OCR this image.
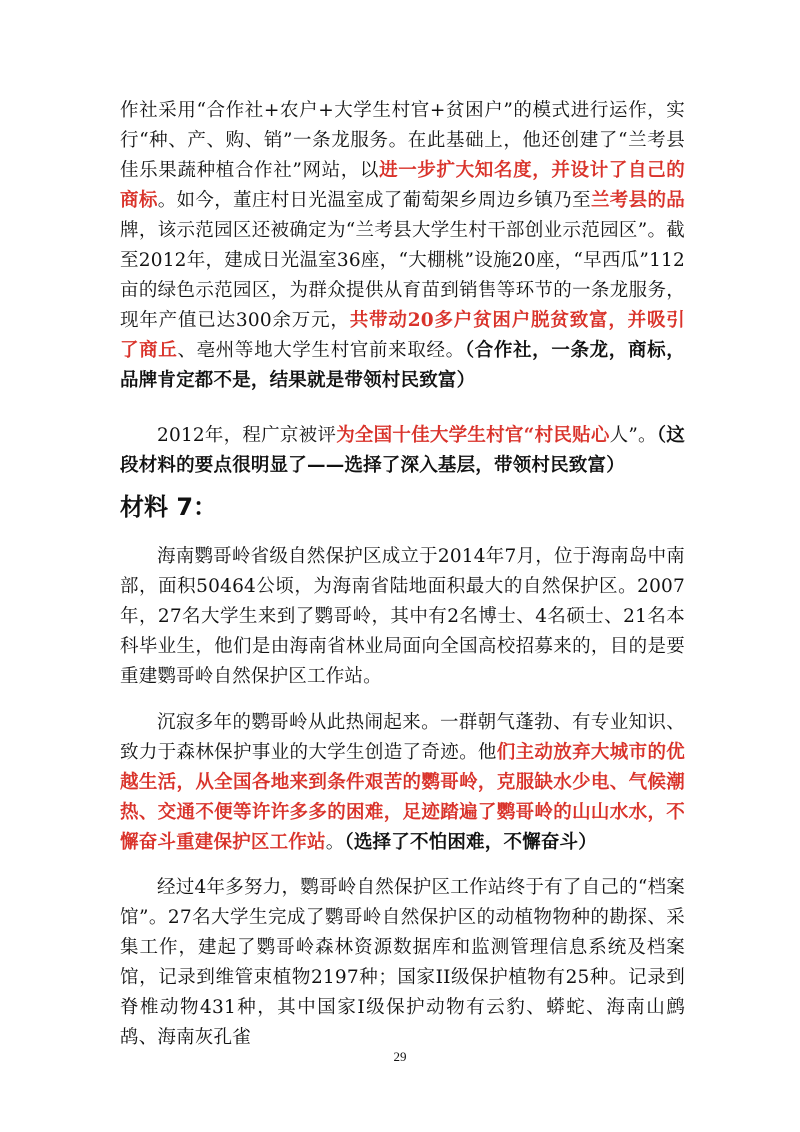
作社采用“合作社+农户+大学生村官+贫困户”的模式进行运作，实行“种、产、购、销”一条龙服务。在此基础上，他还创建了“兰考县佳乐果蔬种植合作社”网站，以进一步扩大知名度，并设计了自己的商标。如今，董庄村日光温室成了葡萄架乡周边乡镇乃至兰考县的品牌，该示范园区还被确定为“兰考县大学生村干部创业示范园区”。截至2012年，建成日光温室36座，“大棚桃”设施20座，“早西瓜”112亩的绿色示范园区，为群众提供从育苗到销售等环节的一条龙服务，现年产值已达300余万元，共带动20多户贫困户脱贫致富，并吸引了商丘、亳州等地大学生村官前来取经。（合作社，一条龙，商标，品牌肯定都不是，结果就是带领村民致富）

2012年，程广京被评为全国十佳大学生村官“村民贴心人”。（这段材料的要点很明显了——选择了深入基层，带领村民致富）

材料 7：

海南鹦哥岭省级自然保护区成立于2014年7月，位于海南岛中南部，面积50464公顷，为海南省陆地面积最大的自然保护区。2007年，27名大学生来到了鹦哥岭，其中有2名博士、4名硕士、21名本科毕业生，他们是由海南省林业局面向全国高校招募来的，目的是要重建鹦哥岭自然保护区工作站。

沉寂多年的鹦哥岭从此热闹起来。一群朝气蓬勃、有专业知识、致力于森林保护事业的大学生创造了奇迹。他们主动放弃大城市的优越生活，从全国各地来到条件艰苦的鹦哥岭，克服缺水少电、气候潮热、交通不便等许许多多的困难，足迹踏遍了鹦哥岭的山山水水，不懈奋斗重建保护区工作站。（选择了不怕困难，不懈奋斗）

经过4年多努力，鹦哥岭自然保护区工作站终于有了自己的“档案馆”。27名大学生完成了鹦哥岭自然保护区的动植物物种的勘探、采集工作，建起了鹦哥岭森林资源数据库和监测管理信息系统及档案馆，记录到维管束植物2197种；国家II级保护植物有25种。记录到脊椎动物431种，其中国家I级保护动物有云豹、蟒蛇、海南山鹧鸪、海南灰孔雀

29
